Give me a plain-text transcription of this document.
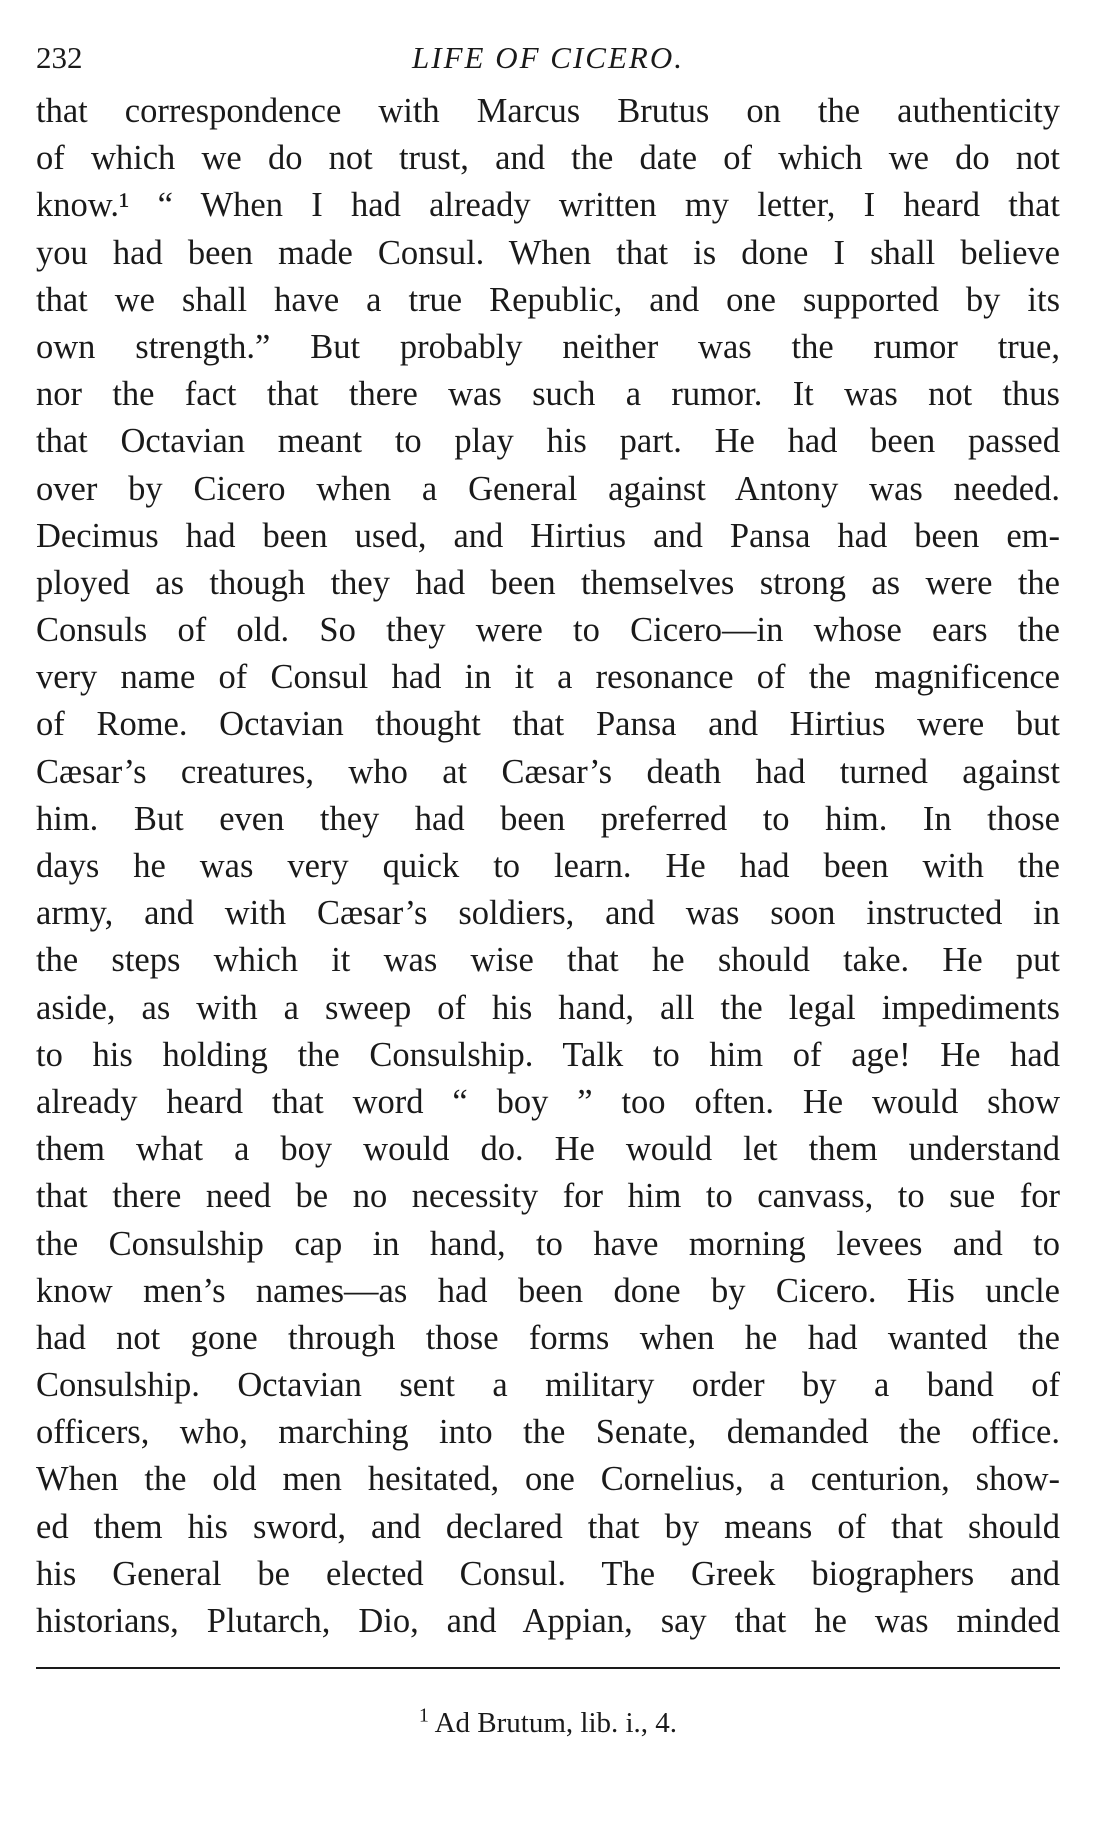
232	LIFE OF CICERO.
that correspondence with Marcus Brutus on the authenticity
of which we do not trust, and the date of which we do not
know.¹ “ When I had already written my letter, I heard that
you had been made Consul. When that is done I shall believe
that we shall have a true Republic, and one supported by its
own strength.” But probably neither was the rumor true,
nor the fact that there was such a rumor. It was not thus
that Octavian meant to play his part. He had been passed
over by Cicero when a General against Antony was needed.
Decimus had been used, and Hirtius and Pansa had been em-
ployed as though they had been themselves strong as were the
Consuls of old. So they were to Cicero—in whose ears the
very name of Consul had in it a resonance of the magnificence
of Rome. Octavian thought that Pansa and Hirtius were but
Cæsar’s creatures, who at Cæsar’s death had turned against
him. But even they had been preferred to him. In those
days he was very quick to learn. He had been with the
army, and with Cæsar’s soldiers, and was soon instructed in
the steps which it was wise that he should take. He put
aside, as with a sweep of his hand, all the legal impediments
to his holding the Consulship. Talk to him of age! He had
already heard that word “ boy ” too often. He would show
them what a boy would do. He would let them understand
that there need be no necessity for him to canvass, to sue for
the Consulship cap in hand, to have morning levees and to
know men’s names—as had been done by Cicero. His uncle
had not gone through those forms when he had wanted the
Consulship. Octavian sent a military order by a band of
officers, who, marching into the Senate, demanded the office.
When the old men hesitated, one Cornelius, a centurion, show-
ed them his sword, and declared that by means of that should
his General be elected Consul. The Greek biographers and
historians, Plutarch, Dio, and Appian, say that he was minded
$^1$ Ad Brutum, lib. i., 4.
